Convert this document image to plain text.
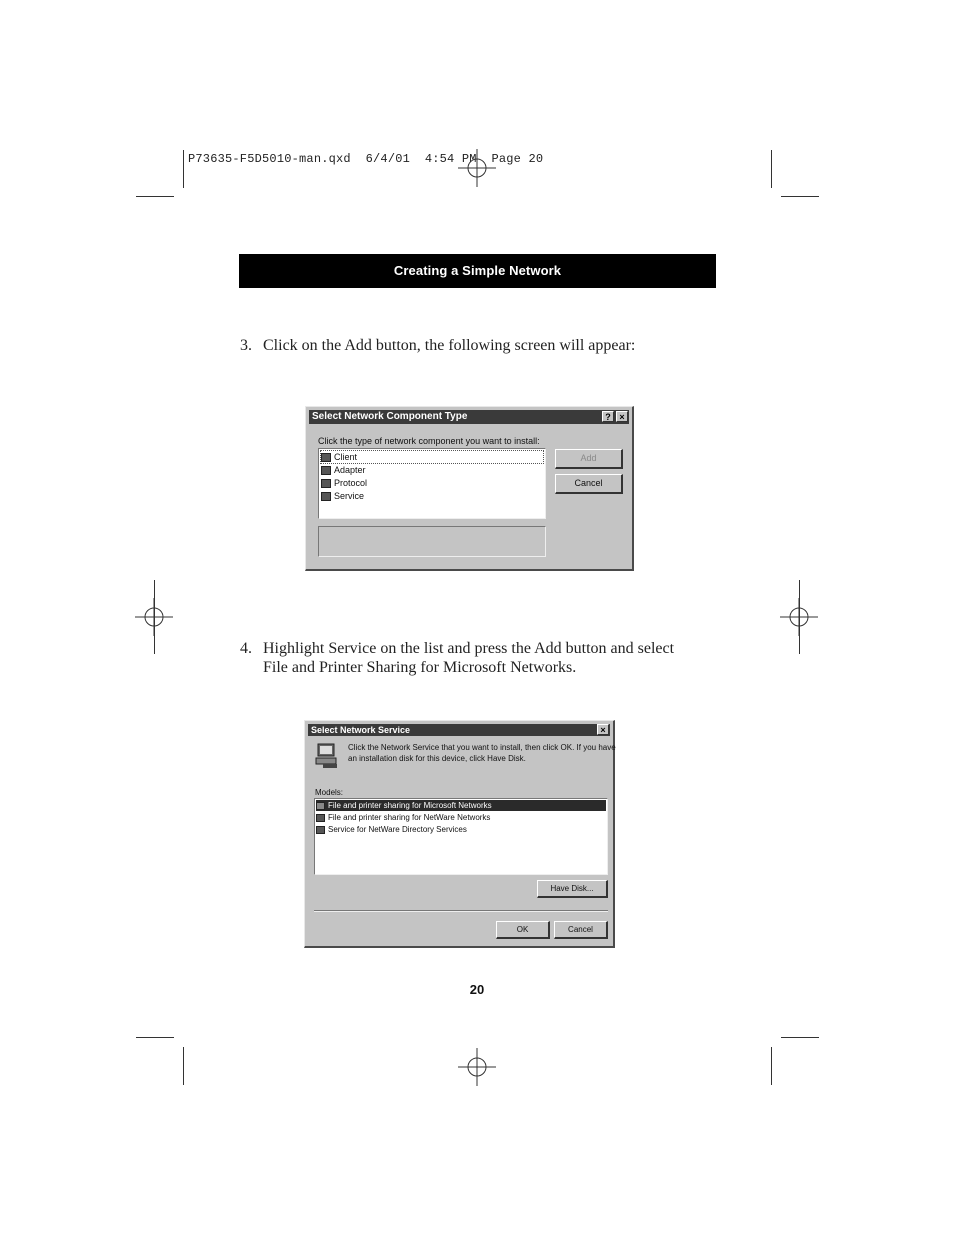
P73635-F5D5010-man.qxd  6/4/01  4:54 PM  Page 20
Creating a Simple Network
3. Click on the Add button, the following screen will appear:
Select Network Component Type	? ×
Click the type of network component you want to install:
Client
Adapter
Protocol
Service
Add
Cancel
4. Highlight Service on the list and press the Add button and select
File and Printer Sharing for Microsoft Networks.
Select Network Service	×
Click the Network Service that you want to install, then click OK. If you have
an installation disk for this device, click Have Disk.
Models:
File and printer sharing for Microsoft Networks
File and printer sharing for NetWare Networks
Service for NetWare Directory Services
Have Disk...
OK	Cancel
20
